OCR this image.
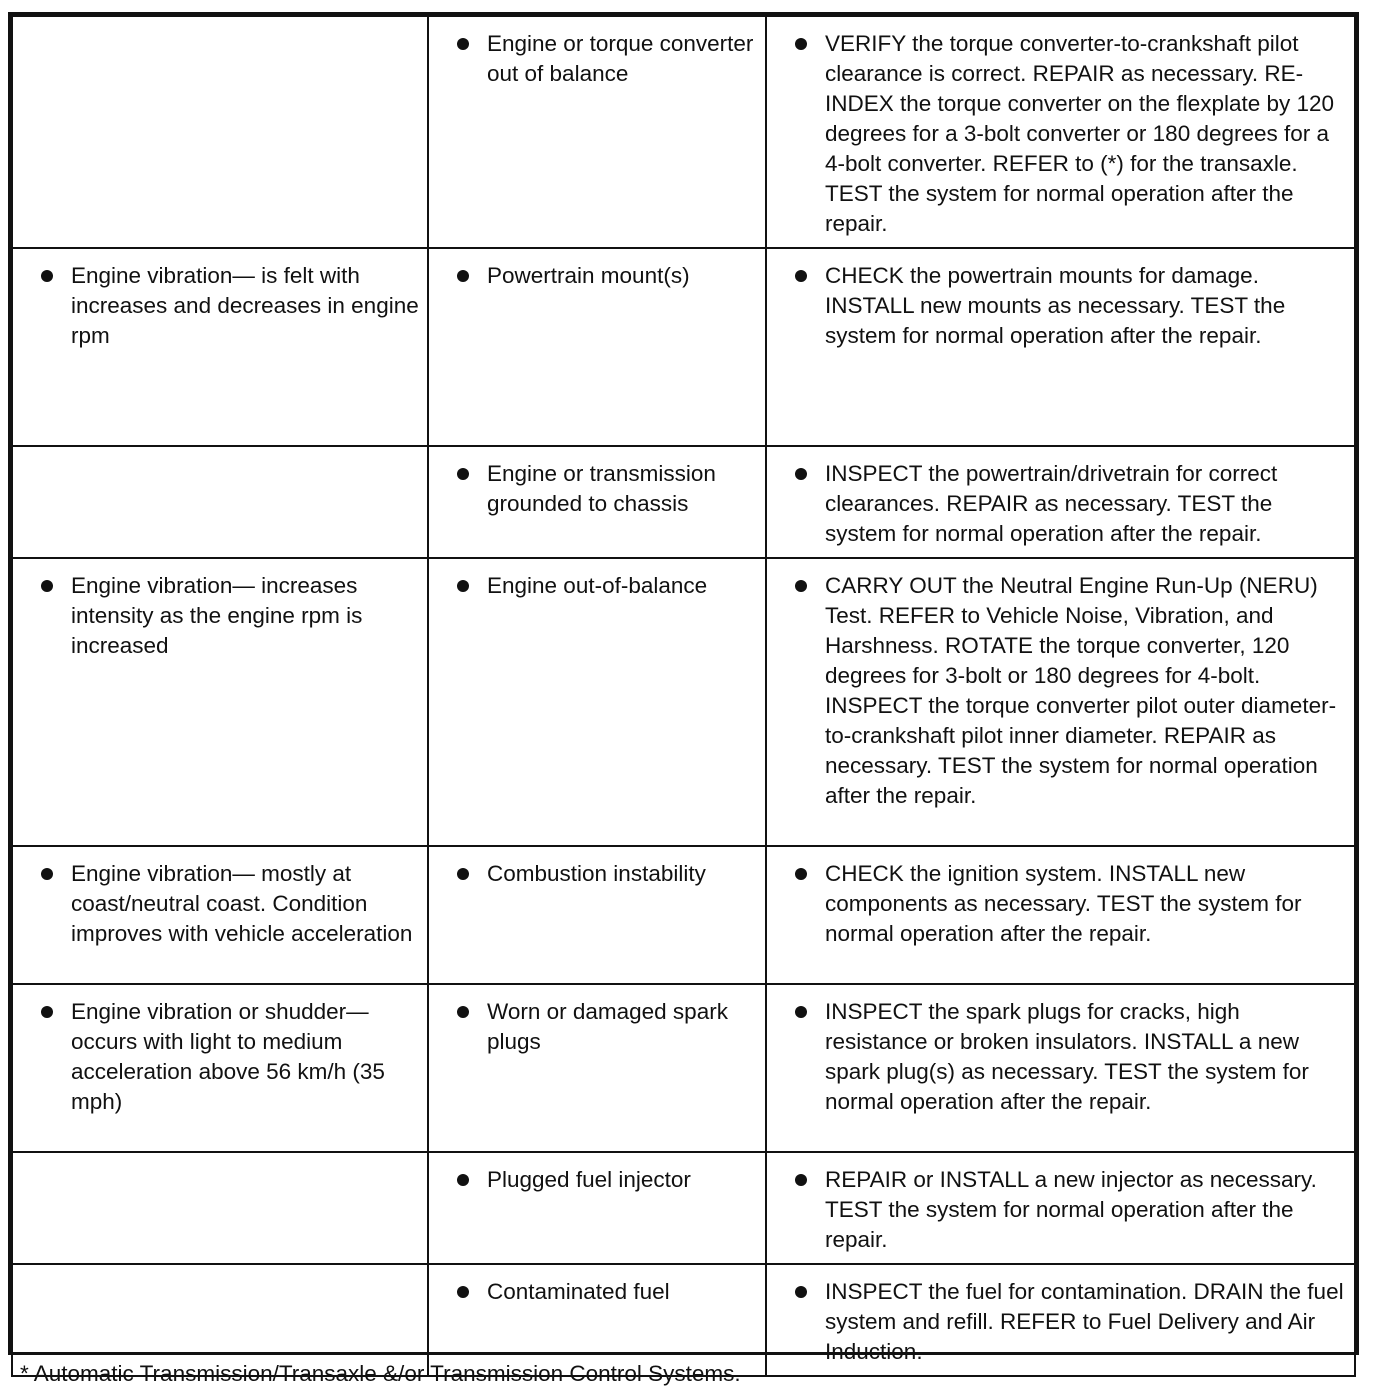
	Engine or torque converter out of balance	VERIFY the torque converter-to-crankshaft pilot clearance is correct. REPAIR as necessary. RE-INDEX the torque converter on the flexplate by 120 degrees for a 3-bolt converter or 180 degrees for a 4-bolt converter. REFER to (*) for the transaxle. TEST the system for normal operation after the repair.

Engine vibration— is felt with increases and decreases in engine rpm	Powertrain mount(s)	CHECK the powertrain mounts for damage. INSTALL new mounts as necessary. TEST the system for normal operation after the repair.

	Engine or transmission grounded to chassis	INSPECT the powertrain/drivetrain for correct clearances. REPAIR as necessary. TEST the system for normal operation after the repair.

Engine vibration— increases intensity as the engine rpm is increased	Engine out-of-balance	CARRY OUT the Neutral Engine Run-Up (NERU) Test. REFER to Vehicle Noise, Vibration, and Harshness. ROTATE the torque converter, 120 degrees for 3-bolt or 180 degrees for 4-bolt. INSPECT the torque converter pilot outer diameter-to-crankshaft pilot inner diameter. REPAIR as necessary. TEST the system for normal operation after the repair.

Engine vibration— mostly at coast/neutral coast. Condition improves with vehicle acceleration	Combustion instability	CHECK the ignition system. INSTALL new components as necessary. TEST the system for normal operation after the repair.

Engine vibration or shudder— occurs with light to medium acceleration above 56 km/h (35 mph)	Worn or damaged spark plugs	INSPECT the spark plugs for cracks, high resistance or broken insulators. INSTALL a new spark plug(s) as necessary. TEST the system for normal operation after the repair.

	Plugged fuel injector	REPAIR or INSTALL a new injector as necessary. TEST the system for normal operation after the repair.

	Contaminated fuel	INSPECT the fuel for contamination. DRAIN the fuel system and refill. REFER to Fuel Delivery and Air Induction.
* Automatic Transmission/Transaxle &/or Transmission Control Systems.
